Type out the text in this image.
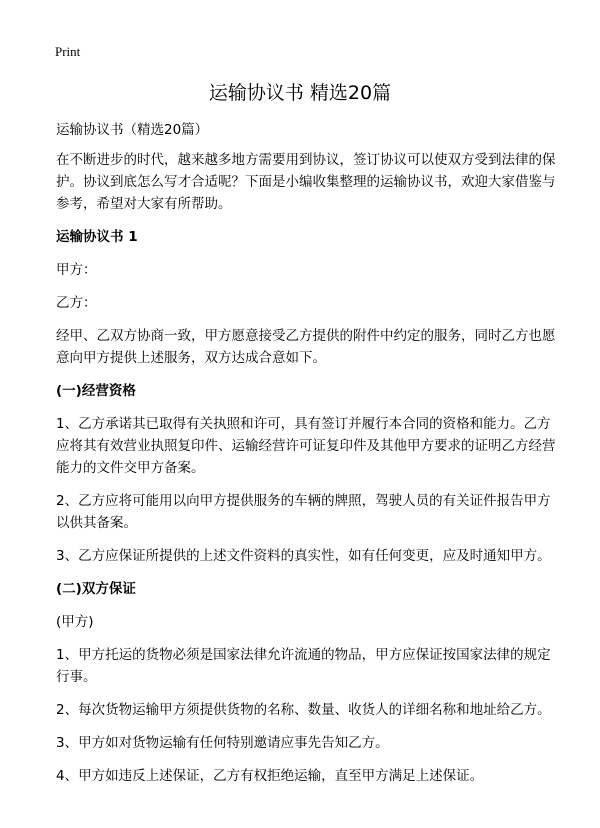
Print
运输协议书 精选20篇

运输协议书（精选20篇）

在不断进步的时代，越来越多地方需要用到协议，签订协议可以使双方受到法律的保护。协议到底怎么写才合适呢？下面是小编收集整理的运输协议书，欢迎大家借鉴与参考，希望对大家有所帮助。

运输协议书 1

甲方：

乙方：

经甲、乙双方协商一致，甲方愿意接受乙方提供的附件中约定的服务，同时乙方也愿意向甲方提供上述服务，双方达成合意如下。

(一)经营资格

1、乙方承诺其已取得有关执照和许可，具有签订并履行本合同的资格和能力。乙方应将其有效营业执照复印件、运输经营许可证复印件及其他甲方要求的证明乙方经营能力的文件交甲方备案。

2、乙方应将可能用以向甲方提供服务的车辆的牌照，驾驶人员的有关证件报告甲方以供其备案。

3、乙方应保证所提供的上述文件资料的真实性，如有任何变更，应及时通知甲方。

(二)双方保证

(甲方)

1、甲方托运的货物必须是国家法律允许流通的物品，甲方应保证按国家法律的规定行事。

2、每次货物运输甲方须提供货物的名称、数量、收货人的详细名称和地址给乙方。

3、甲方如对货物运输有任何特别邀请应事先告知乙方。

4、甲方如违反上述保证，乙方有权拒绝运输，直至甲方满足上述保证。
